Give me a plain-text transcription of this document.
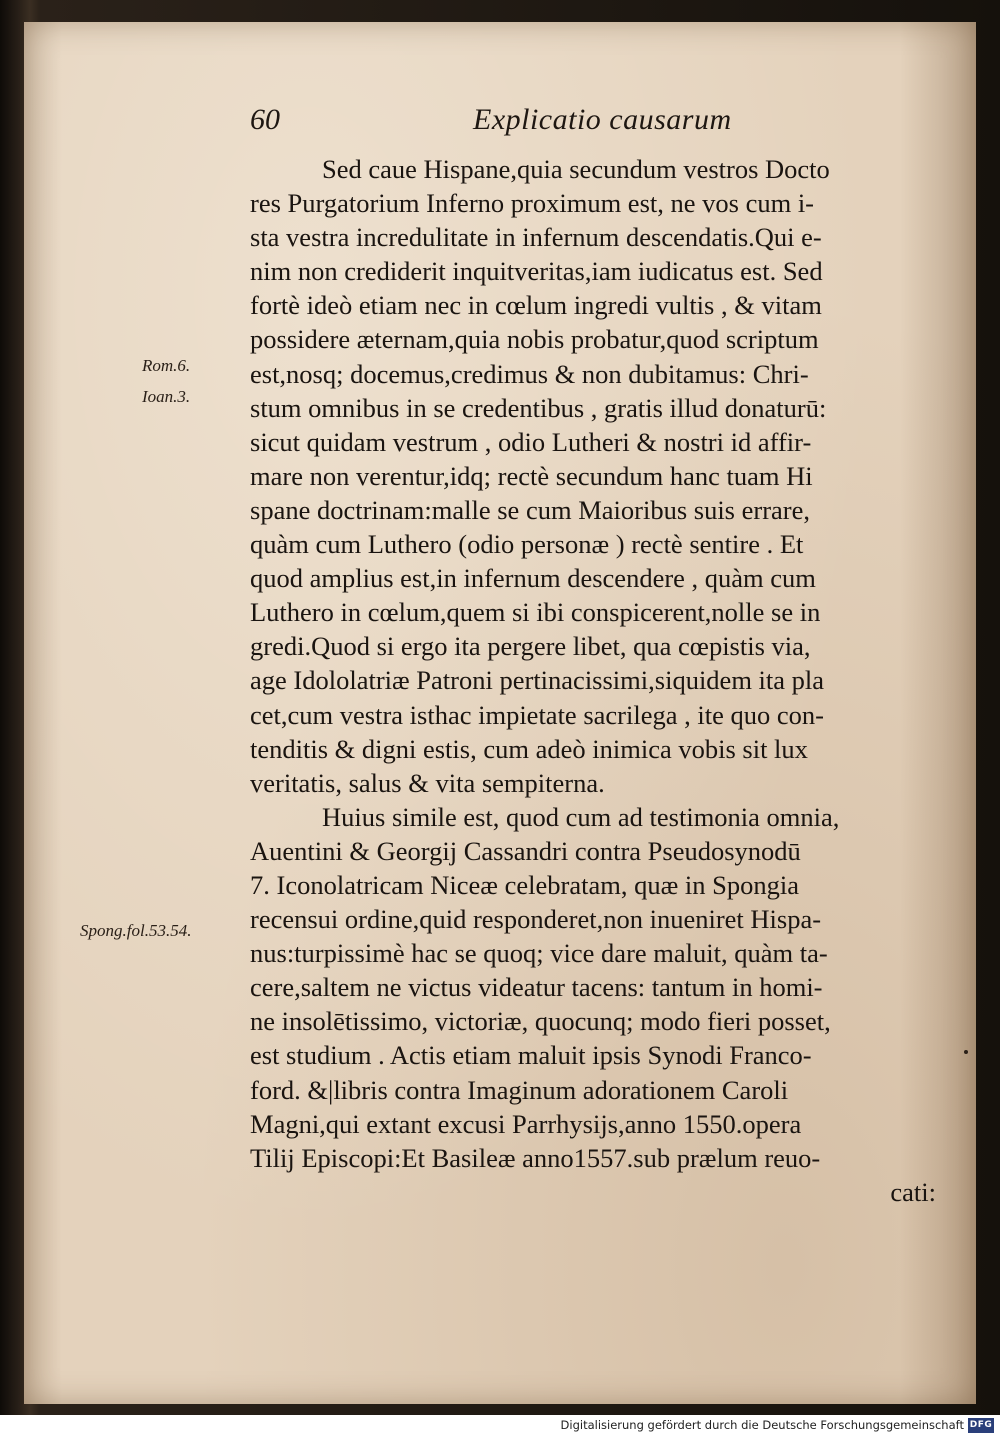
60	Explicatio causarum
Rom.6.
Ioan.3.
Spong.fol.53.54.
Sed caue Hispane,quia secundum vestros Docto
res Purgatorium Inferno proximum est, ne vos cum i-
sta vestra incredulitate in infernum descendatis.Qui e-
nim non crediderit inquitveritas,iam iudicatus est. Sed
fortè ideò etiam nec in cœlum ingredi vultis , & vitam
possidere æternam,quia nobis probatur,quod scriptum
est,nosq; docemus,credimus & non dubitamus: Chri-
stum omnibus in se credentibus , gratis illud donaturū:
sicut quidam vestrum , odio Lutheri & nostri id affir-
mare non verentur,idq; rectè secundum hanc tuam Hi
spane doctrinam:malle se cum Maioribus suis errare,
quàm cum Luthero (odio personæ ) rectè sentire . Et
quod amplius est,in infernum descendere , quàm cum
Luthero in cœlum,quem si ibi conspicerent,nolle se in
gredi.Quod si ergo ita pergere libet, qua cœpistis via,
age Idololatriæ Patroni pertinacissimi,siquidem ita pla
cet,cum vestra isthac impietate sacrilega , ite quo con-
tenditis & digni estis, cum adeò inimica vobis sit lux
veritatis, salus & vita sempiterna.
Huius simile est, quod cum ad testimonia omnia,
Auentini & Georgij Cassandri contra Pseudosynodū
7. Iconolatricam Niceæ celebratam, quæ in Spongia
recensui ordine,quid responderet,non inueniret Hispa-
nus:turpissimè hac se quoq; vice dare maluit, quàm ta-
cere,saltem ne victus videatur tacens: tantum in homi-
ne insolētissimo, victoriæ, quocunq; modo fieri posset,
est studium . Actis etiam maluit ipsis Synodi Franco-
ford. &|libris contra Imaginum adorationem Caroli
Magni,qui extant excusi Parrhysijs,anno 1550.opera
Tilij Episcopi:Et Basileæ anno1557.sub prælum reuo-
cati:
Digitalisierung gefördert durch die Deutsche Forschungsgemeinschaft DFG
